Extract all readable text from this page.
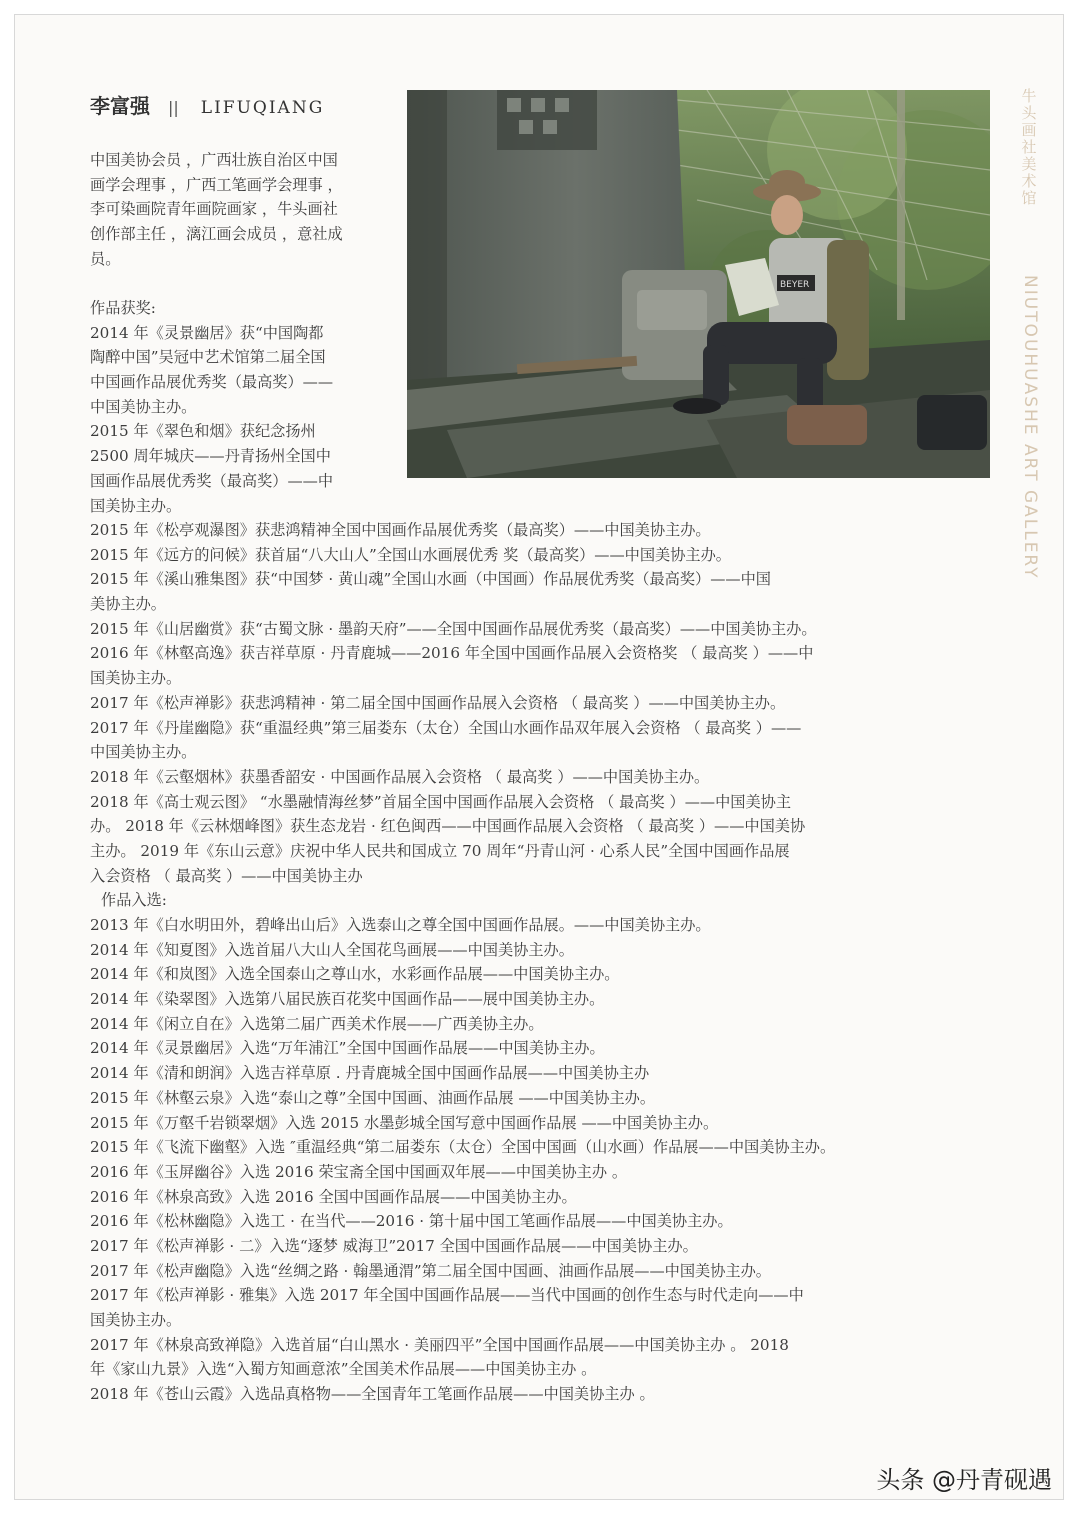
李富强 || LIFUQIANG
BEYER
牛头画社美术馆
NIUTOUHUASHE ART GALLERY
中国美协会员 ，广西壮族自治区中国
画学会理事 ，广西工笔画学会理事 ，
李可染画院青年画院画家 ，牛头画社
创作部主任 ，漓江画会成员 ，意社成
员。
作品获奖:
2014 年《灵景幽居》获“中国陶都
陶醉中国”吴冠中艺术馆第二届全国
中国画作品展优秀奖（最高奖）——
中国美协主办。
2015 年《翠色和烟》获纪念扬州
2500 周年城庆——丹青扬州全国中
国画作品展优秀奖（最高奖）——中
国美协主办。
2015 年《松亭观瀑图》获悲鸿精神全国中国画作品展优秀奖（最高奖）——中国美协主办。
2015 年《远方的问候》获首届“八大山人”全国山水画展优秀 奖（最高奖）——中国美协主办。
2015 年《溪山雅集图》获“中国梦 · 黄山魂”全国山水画（中国画）作品展优秀奖（最高奖）——中国
美协主办。
2015 年《山居幽赏》获“古蜀文脉 · 墨韵天府”——全国中国画作品展优秀奖（最高奖）——中国美协主办。
2016 年《林壑高逸》获吉祥草原 · 丹青鹿城——2016 年全国中国画作品展入会资格奖 （ 最高奖 ）——中
国美协主办。
2017 年《松声禅影》获悲鸿精神 · 第二届全国中国画作品展入会资格 （ 最高奖 ）——中国美协主办。
2017 年《丹崖幽隐》获“重温经典”第三届娄东（太仓）全国山水画作品双年展入会资格 （ 最高奖 ）——
中国美协主办。
2018 年《云壑烟林》获墨香韶安 · 中国画作品展入会资格 （ 最高奖 ）——中国美协主办。
2018 年《高士观云图》 “水墨融情海丝梦”首届全国中国画作品展入会资格 （ 最高奖 ）——中国美协主
办。 2018 年《云林烟峰图》获生态龙岩 · 红色闽西——中国画作品展入会资格 （ 最高奖 ）——中国美协
主办。 2019 年《东山云意》庆祝中华人民共和国成立 70 周年“丹青山河 · 心系人民”全国中国画作品展
入会资格 （ 最高奖 ）——中国美协主办
作品入选:
2013 年《白水明田外，碧峰出山后》入选泰山之尊全国中国画作品展。——中国美协主办。
2014 年《知夏图》入选首届八大山人全国花鸟画展——中国美协主办。
2014 年《和岚图》入选全国泰山之尊山水，水彩画作品展——中国美协主办。
2014 年《染翠图》入选第八届民族百花奖中国画作品——展中国美协主办。
2014 年《闲立自在》入选第二届广西美术作展——广西美协主办。
2014 年《灵景幽居》入选“万年浦江”全国中国画作品展——中国美协主办。
2014 年《清和朗润》入选吉祥草原 . 丹青鹿城全国中国画作品展——中国美协主办
2015 年《林壑云泉》入选“泰山之尊”全国中国画、油画作品展 ——中国美协主办。
2015 年《万壑千岩锁翠烟》入选 2015 水墨彭城全国写意中国画作品展 ——中国美协主办。
2015 年《飞流下幽壑》入选 ″重温经典“第二届娄东（太仓）全国中国画（山水画）作品展——中国美协主办。
2016 年《玉屏幽谷》入选 2016 荣宝斋全国中国画双年展——中国美协主办 。
2016 年《林泉高致》入选 2016 全国中国画作品展——中国美协主办。
2016 年《松林幽隐》入选工 · 在当代——2016 · 第十届中国工笔画作品展——中国美协主办。
2017 年《松声禅影 · 二》入选“逐梦 威海卫”2017 全国中国画作品展——中国美协主办。
2017 年《松声幽隐》入选“丝绸之路 · 翰墨通渭”第二届全国中国画、油画作品展——中国美协主办。
2017 年《松声禅影 · 雅集》入选 2017 年全国中国画作品展——当代中国画的创作生态与时代走向——中
国美协主办。
2017 年《林泉高致禅隐》入选首届“白山黑水 · 美丽四平”全国中国画作品展——中国美协主办 。 2018
年《家山九景》入选“入蜀方知画意浓”全国美术作品展——中国美协主办 。
2018 年《苍山云霞》入选品真格物——全国青年工笔画作品展——中国美协主办 。
头条 @丹青砚遇
